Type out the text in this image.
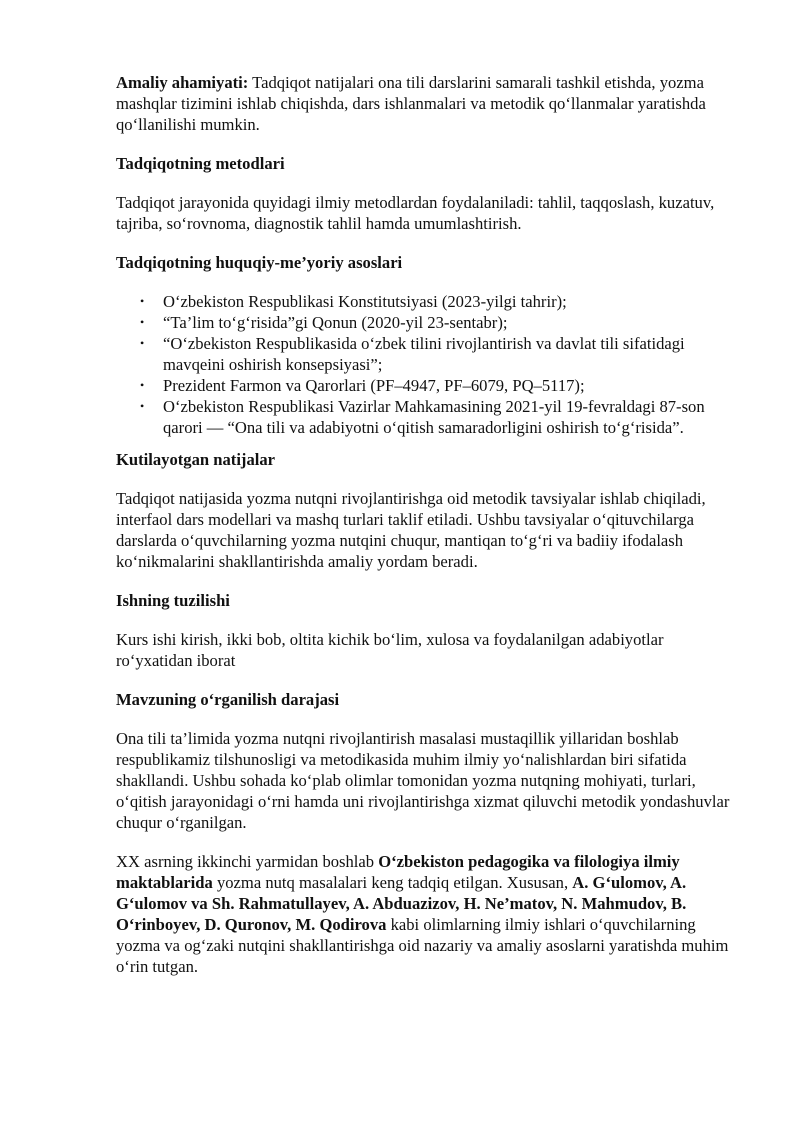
Amaliy ahamiyati: Tadqiqot natijalari ona tili darslarini samarali tashkil etishda, yozma mashqlar tizimini ishlab chiqishda, dars ishlanmalari va metodik qo‘llanmalar yaratishda qo‘llanilishi mumkin.

Tadqiqotning metodlari

Tadqiqot jarayonida quyidagi ilmiy metodlardan foydalaniladi: tahlil, taqqoslash, kuzatuv, tajriba, so‘rovnoma, diagnostik tahlil hamda umumlashtirish.

Tadqiqotning huquqiy-me’yoriy asoslari

• O‘zbekiston Respublikasi Konstitutsiyasi (2023-yilgi tahrir);
• “Ta’lim to‘g‘risida”gi Qonun (2020-yil 23-sentabr);
• “O‘zbekiston Respublikasida o‘zbek tilini rivojlantirish va davlat tili sifatidagi mavqeini oshirish konsepsiyasi”;
• Prezident Farmon va Qarorlari (PF–4947, PF–6079, PQ–5117);
• O‘zbekiston Respublikasi Vazirlar Mahkamasining 2021-yil 19-fevraldagi 87-son qarori — “Ona tili va adabiyotni o‘qitish samaradorligini oshirish to‘g‘risida”.

Kutilayotgan natijalar

Tadqiqot natijasida yozma nutqni rivojlantirishga oid metodik tavsiyalar ishlab chiqiladi, interfaol dars modellari va mashq turlari taklif etiladi. Ushbu tavsiyalar o‘qituvchilarga darslarda o‘quvchilarning yozma nutqini chuqur, mantiqan to‘g‘ri va badiiy ifodalash ko‘nikmalarini shakllantirishda amaliy yordam beradi.

Ishning tuzilishi

Kurs ishi kirish, ikki bob, oltita kichik bo‘lim, xulosa va foydalanilgan adabiyotlar ro‘yxatidan iborat

Mavzuning o‘rganilish darajasi

Ona tili ta’limida yozma nutqni rivojlantirish masalasi mustaqillik yillaridan boshlab respublikamiz tilshunosligi va metodikasida muhim ilmiy yo‘nalishlardan biri sifatida shakllandi. Ushbu sohada ko‘plab olimlar tomonidan yozma nutqning mohiyati, turlari, o‘qitish jarayonidagi o‘rni hamda uni rivojlantirishga xizmat qiluvchi metodik yondashuvlar chuqur o‘rganilgan.

XX asrning ikkinchi yarmidan boshlab O‘zbekiston pedagogika va filologiya ilmiy maktablarida yozma nutq masalalari keng tadqiq etilgan. Xususan, A. G‘ulomov, A. G‘ulomov va Sh. Rahmatullayev, A. Abduazizov, H. Ne’matov, N. Mahmudov, B. O‘rinboyev, D. Quronov, M. Qodirova kabi olimlarning ilmiy ishlari o‘quvchilarning yozma va og‘zaki nutqini shakllantirishga oid nazariy va amaliy asoslarni yaratishda muhim o‘rin tutgan.
